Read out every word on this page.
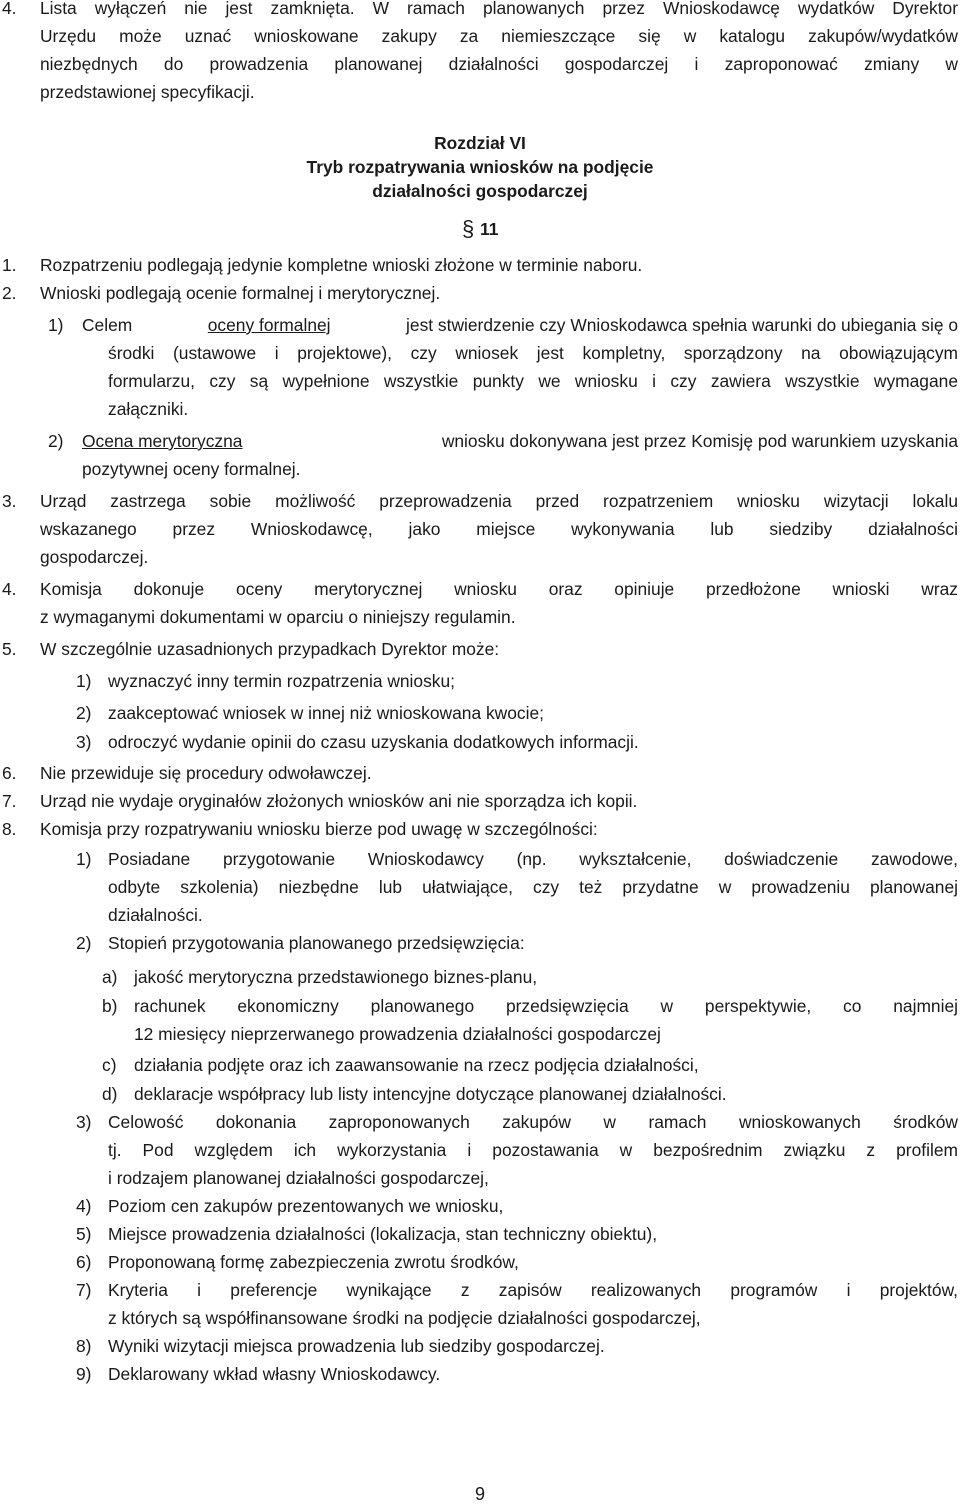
4. Lista wyłączeń nie jest zamknięta. W ramach planowanych przez Wnioskodawcę wydatków Dyrektor
Urzędu może uznać wnioskowane zakupy za niemieszczące się w katalogu zakupów/wydatków
niezbędnych do prowadzenia planowanej działalności gospodarczej i zaproponować zmiany w
przedstawionej specyfikacji.
Rozdział VI
Tryb rozpatrywania wniosków na podjęcie
działalności gospodarczej
§ 11
1. Rozpatrzeniu podlegają jedynie kompletne wnioski złożone w terminie naboru.
2. Wnioski podlegają ocenie formalnej i merytorycznej.
1) Celem	oceny formalnej	jest stwierdzenie czy Wnioskodawca spełnia warunki do ubiegania się o
środki (ustawowe i projektowe), czy wniosek jest kompletny, sporządzony na obowiązującym
formularzu, czy są wypełnione wszystkie punkty we wniosku i czy zawiera wszystkie wymagane
załączniki.
2) Ocena merytoryczna	wniosku dokonywana jest przez Komisję pod warunkiem uzyskania
pozytywnej oceny formalnej.
3. Urząd zastrzega sobie możliwość przeprowadzenia przed rozpatrzeniem wniosku wizytacji lokalu
wskazanego przez Wnioskodawcę, jako miejsce wykonywania lub siedziby działalności
gospodarczej.
4. Komisja dokonuje oceny merytorycznej wniosku oraz opiniuje przedłożone wnioski wraz
z wymaganymi dokumentami w oparciu o niniejszy regulamin.
5. W szczególnie uzasadnionych przypadkach Dyrektor może:
1) wyznaczyć inny termin rozpatrzenia wniosku;
2) zaakceptować wniosek w innej niż wnioskowana kwocie;
3) odroczyć wydanie opinii do czasu uzyskania dodatkowych informacji.
6. Nie przewiduje się procedury odwoławczej.
7. Urząd nie wydaje oryginałów złożonych wniosków ani nie sporządza ich kopii.
8. Komisja przy rozpatrywaniu wniosku bierze pod uwagę w szczególności:
1) Posiadane przygotowanie Wnioskodawcy (np. wykształcenie, doświadczenie zawodowe,
odbyte szkolenia) niezbędne lub ułatwiające, czy też przydatne w prowadzeniu planowanej
działalności.
2) Stopień przygotowania planowanego przedsięwzięcia:
a) jakość merytoryczna przedstawionego biznes-planu,
b) rachunek ekonomiczny planowanego przedsięwzięcia w perspektywie, co najmniej
12 miesięcy nieprzerwanego prowadzenia działalności gospodarczej
c) działania podjęte oraz ich zaawansowanie na rzecz podjęcia działalności,
d) deklaracje współpracy lub listy intencyjne dotyczące planowanej działalności.
3) Celowość dokonania zaproponowanych zakupów w ramach wnioskowanych środków
tj. Pod względem ich wykorzystania i pozostawania w bezpośrednim związku z profilem
i rodzajem planowanej działalności gospodarczej,
4) Poziom cen zakupów prezentowanych we wniosku,
5) Miejsce prowadzenia działalności (lokalizacja, stan techniczny obiektu),
6) Proponowaną formę zabezpieczenia zwrotu środków,
7) Kryteria i preferencje wynikające z zapisów realizowanych programów i projektów,
z których są współfinansowane środki na podjęcie działalności gospodarczej,
8) Wyniki wizytacji miejsca prowadzenia lub siedziby gospodarczej.
9) Deklarowany wkład własny Wnioskodawcy.
9
